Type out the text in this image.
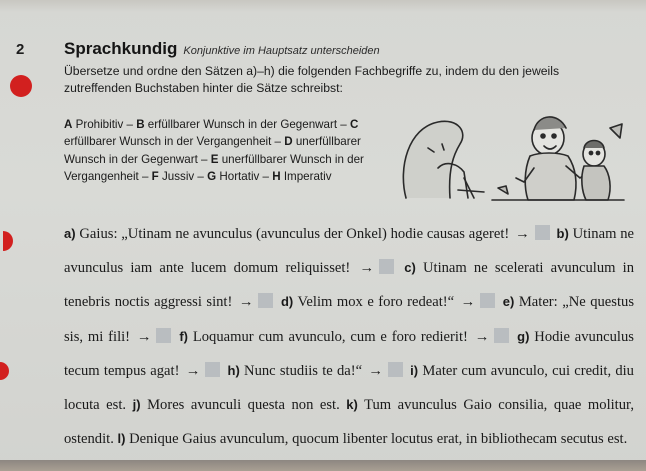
2 Sprachkundig Konjunktive im Hauptsatz unterscheiden
Übersetze und ordne den Sätzen a)–h) die folgenden Fachbegriffe zu, indem du den jeweils zutreffenden Buchstaben hinter die Sätze schreibst:
A Prohibitiv – B erfüllbarer Wunsch in der Gegenwart – C erfüllbarer Wunsch in der Vergangenheit – D unerfüllbarer Wunsch in der Gegenwart – E unerfüllbarer Wunsch in der Vergangenheit – F Jussiv – G Hortativ – H Imperativ
a) Gaius: „Utinam ne avunculus (avunculus der Onkel) hodie causas ageret! → b) Utinam ne avunculus iam ante lucem domum reliquisset! → c) Utinam ne scelerati avunculum in tenebris noctis aggressi sint! → d) Velim mox e foro redeat!“ → e) Mater: „Ne questus sis, mi fili! → f) Loquamur cum avunculo, cum e foro redierit! → g) Hodie avunculus tecum tempus agat! → h) Nunc studiis te da!“ → i) Mater cum avunculo, cui credit, diu locuta est. j) Mores avunculi questa non est. k) Tum avunculus Gaio consilia, quae molitur, ostendit. l) Denique Gaius avunculum, quocum libenter locutus erat, in bibliothecam secutus est.
